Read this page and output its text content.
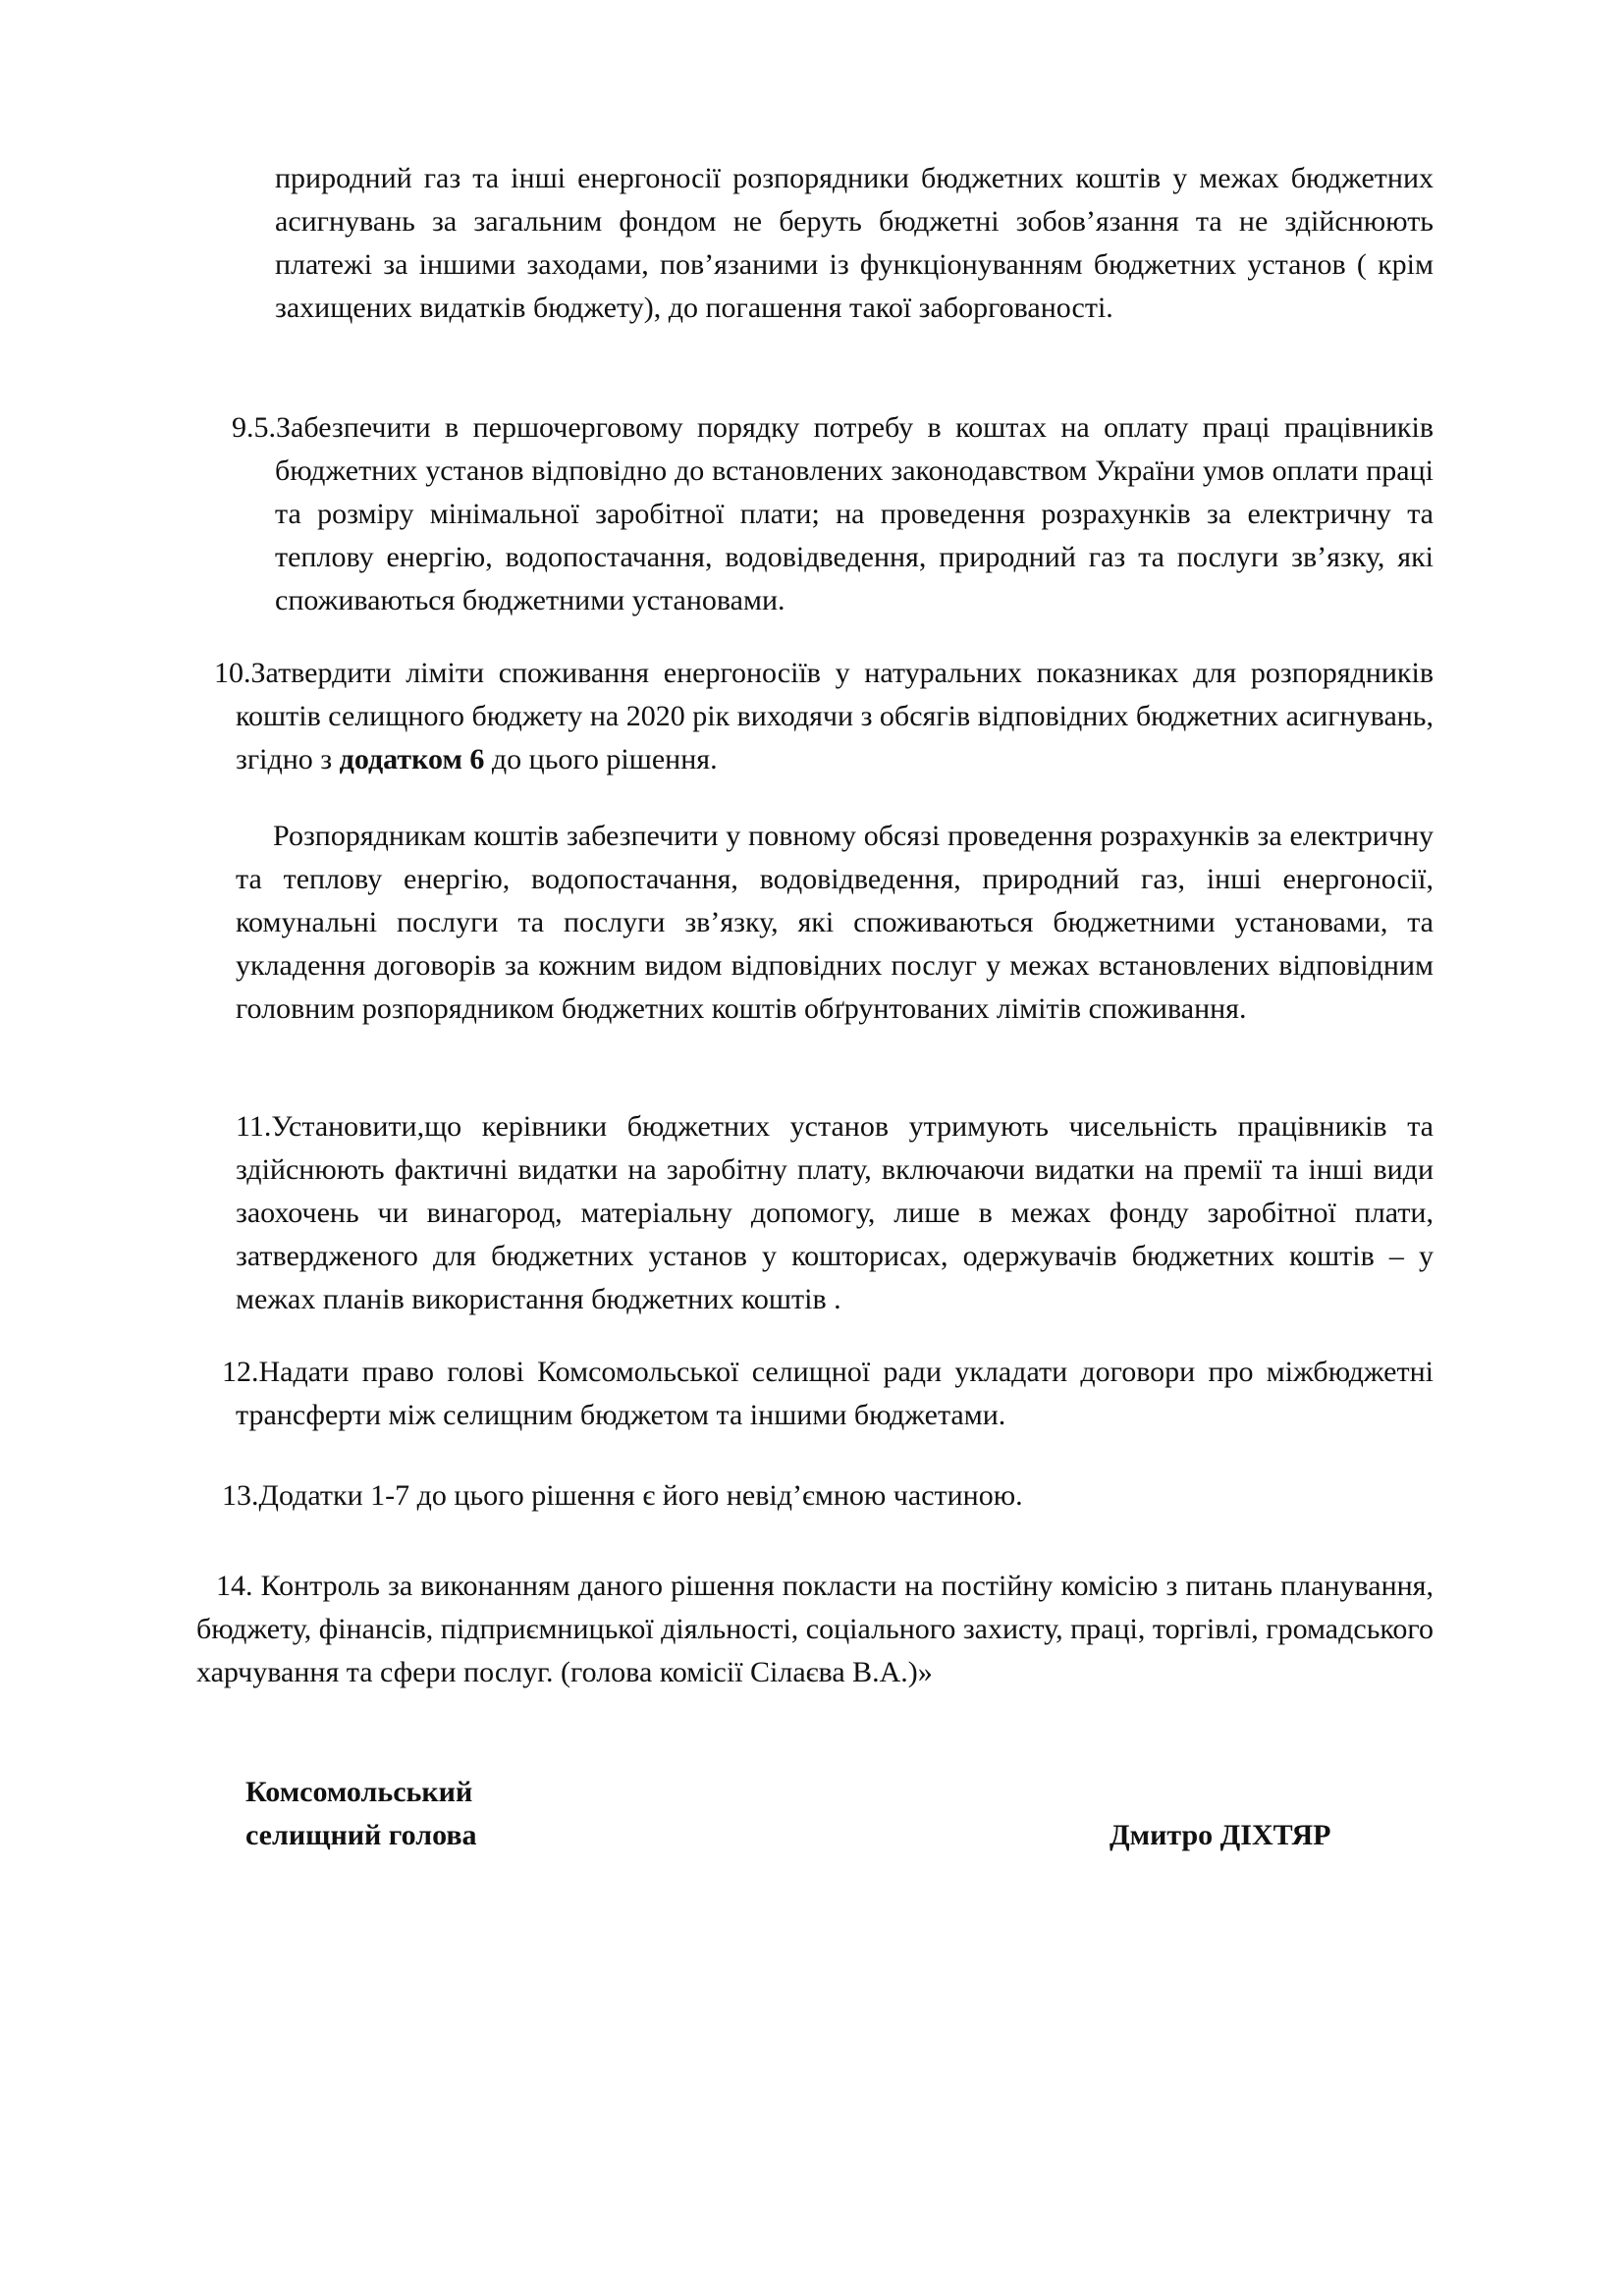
природний газ та інші енергоносії розпорядники бюджетних коштів у межах бюджетних асигнувань за загальним фондом не беруть бюджетні зобов’язання та не здійснюють платежі за іншими заходами, пов’язаними із функціонуванням бюджетних установ ( крім захищених видатків бюджету), до погашення такої заборгованості.

9.5.Забезпечити в першочерговому порядку потребу в коштах на оплату праці працівників бюджетних установ відповідно до встановлених законодавством України умов оплати праці та розміру мінімальної заробітної плати; на проведення розрахунків за електричну та теплову енергію, водопостачання, водовідведення, природний газ та послуги зв’язку, які споживаються бюджетними установами.

10.Затвердити ліміти споживання енергоносіїв у натуральних показниках для розпорядників коштів селищного бюджету на 2020 рік виходячи з обсягів відповідних бюджетних асигнувань, згідно з додатком 6 до цього рішення.

Розпорядникам коштів забезпечити у повному обсязі проведення розрахунків за електричну та теплову енергію, водопостачання, водовідведення, природний газ, інші енергоносії, комунальні послуги та послуги зв’язку, які споживаються бюджетними установами, та укладення договорів за кожним видом відповідних послуг у межах встановлених відповідним головним розпорядником бюджетних коштів обґрунтованих лімітів споживання.

11.Установити,що керівники бюджетних установ утримують чисельність працівників та здійснюють фактичні видатки на заробітну плату, включаючи видатки на премії та інші види заохочень чи винагород, матеріальну допомогу, лише в межах фонду заробітної плати, затвердженого для бюджетних установ у кошторисах, одержувачів бюджетних коштів – у межах планів використання бюджетних коштів .

12.Надати право голові Комсомольської селищної ради укладати договори про міжбюджетні трансферти між селищним бюджетом та іншими бюджетами.

13.Додатки 1-7 до цього рішення є його невід’ємною частиною.

14. Контроль за виконанням даного рішення покласти на постійну комісію з питань планування, бюджету, фінансів, підприємницької діяльності, соціального захисту, праці, торгівлі, громадського харчування та сфери послуг. (голова комісії Сілаєва В.А.)»

Комсомольський
селищний голова	Дмитро ДІХТЯР
